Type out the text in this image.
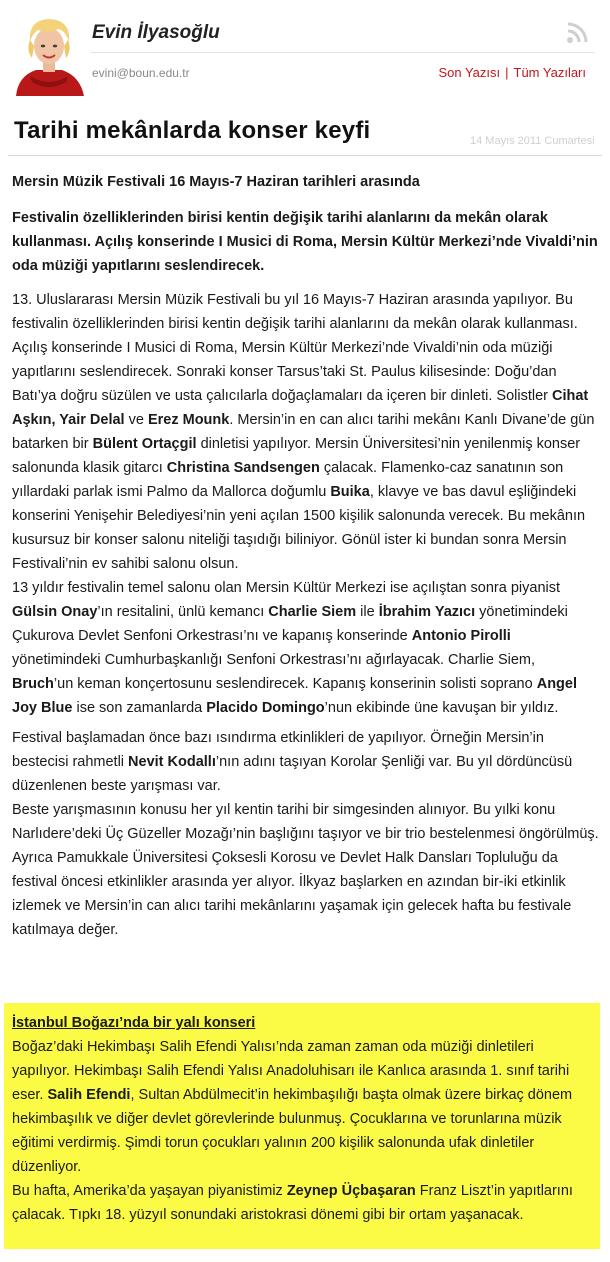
Evin İlyasoğlu
evini@boun.edu.tr	Son Yazısı | Tüm Yazıları
Tarihi mekânlarda konser keyfi	14 Mayıs 2011 Cumartesi

Mersin Müzik Festivali 16 Mayıs-7 Haziran tarihleri arasında

Festivalin özelliklerinden birisi kentin değişik tarihi alanlarını da mekân olarak kullanması. Açılış konserinde I Musici di Roma, Mersin Kültür Merkezi’nde Vivaldi’nin oda müziği yapıtlarını seslendirecek.

13. Uluslararası Mersin Müzik Festivali bu yıl 16 Mayıs-7 Haziran arasında yapılıyor. Bu festivalin özelliklerinden birisi kentin değişik tarihi alanlarını da mekân olarak kullanması.

Açılış konserinde I Musici di Roma, Mersin Kültür Merkezi’nde Vivaldi’nin oda müziği yapıtlarını seslendirecek. Sonraki konser Tarsus’taki St. Paulus kilisesinde: Doğu’dan Batı’ya doğru süzülen ve usta çalıcılarla doğaçlamaları da içeren bir dinleti. Solistler Cihat Aşkın, Yair Delal ve Erez Mounk. Mersin’in en can alıcı tarihi mekânı Kanlı Divane’de gün batarken bir Bülent Ortaçgil dinletisi yapılıyor. Mersin Üniversitesi’nin yenilenmiş konser salonunda klasik gitarcı Christina Sandsengen çalacak. Flamenko-caz sanatının son yıllardaki parlak ismi Palmo da Mallorca doğumlu Buika, klavye ve bas davul eşliğindeki konserini Yenişehir Belediyesi’nin yeni açılan 1500 kişilik salonunda verecek. Bu mekânın kusursuz bir konser salonu niteliği taşıdığı biliniyor. Gönül ister ki bundan sonra Mersin Festivali’nin ev sahibi salonu olsun.

13 yıldır festivalin temel salonu olan Mersin Kültür Merkezi ise açılıştan sonra piyanist Gülsin Onay’ın resitalini, ünlü kemancı Charlie Siem ile İbrahim Yazıcı yönetimindeki Çukurova Devlet Senfoni Orkestrası’nı ve kapanış konserinde Antonio Pirolli yönetimindeki Cumhurbaşkanlığı Senfoni Orkestrası’nı ağırlayacak. Charlie Siem, Bruch’un keman konçertosunu seslendirecek. Kapanış konserinin solisti soprano Angel Joy Blue ise son zamanlarda Placido Domingo’nun ekibinde üne kavuşan bir yıldız.

Festival başlamadan önce bazı ısındırma etkinlikleri de yapılıyor. Örneğin Mersin’in bestecisi rahmetli Nevit Kodallı’nın adını taşıyan Korolar Şenliği var. Bu yıl dördüncüsü düzenlenen beste yarışması var.

Beste yarışmasının konusu her yıl kentin tarihi bir simgesinden alınıyor. Bu yılki konu Narlıdere’deki Üç Güzeller Mozağı’nin başlığını taşıyor ve bir trio bestelenmesi öngörülmüş. Ayrıca Pamukkale Üniversitesi Çoksesli Korosu ve Devlet Halk Dansları Topluluğu da festival öncesi etkinlikler arasında yer alıyor. İlkyaz başlarken en azından bir-iki etkinlik izlemek ve Mersin’in can alıcı tarihi mekânlarını yaşamak için gelecek hafta bu festivale katılmaya değer.

İstanbul Boğazı’nda bir yalı konseri

Boğaz’daki Hekimbaşı Salih Efendi Yalısı’nda zaman zaman oda müziği dinletileri yapılıyor. Hekimbaşı Salih Efendi Yalısı Anadoluhisarı ile Kanlıca arasında 1. sınıf tarihi eser. Salih Efendi, Sultan Abdülmecit’in hekimbaşılığı başta olmak üzere birkaç dönem hekimbaşılık ve diğer devlet görevlerinde bulunmuş. Çocuklarına ve torunlarına müzik eğitimi verdirmiş. Şimdi torun çocukları yalının 200 kişilik salonunda ufak dinletiler düzenliyor.

Bu hafta, Amerika’da yaşayan piyanistimiz Zeynep Üçbaşaran Franz Liszt’in yapıtlarını çalacak. Tıpkı 18. yüzyıl sonundaki aristokrasi dönemi gibi bir ortam yaşanacak.
